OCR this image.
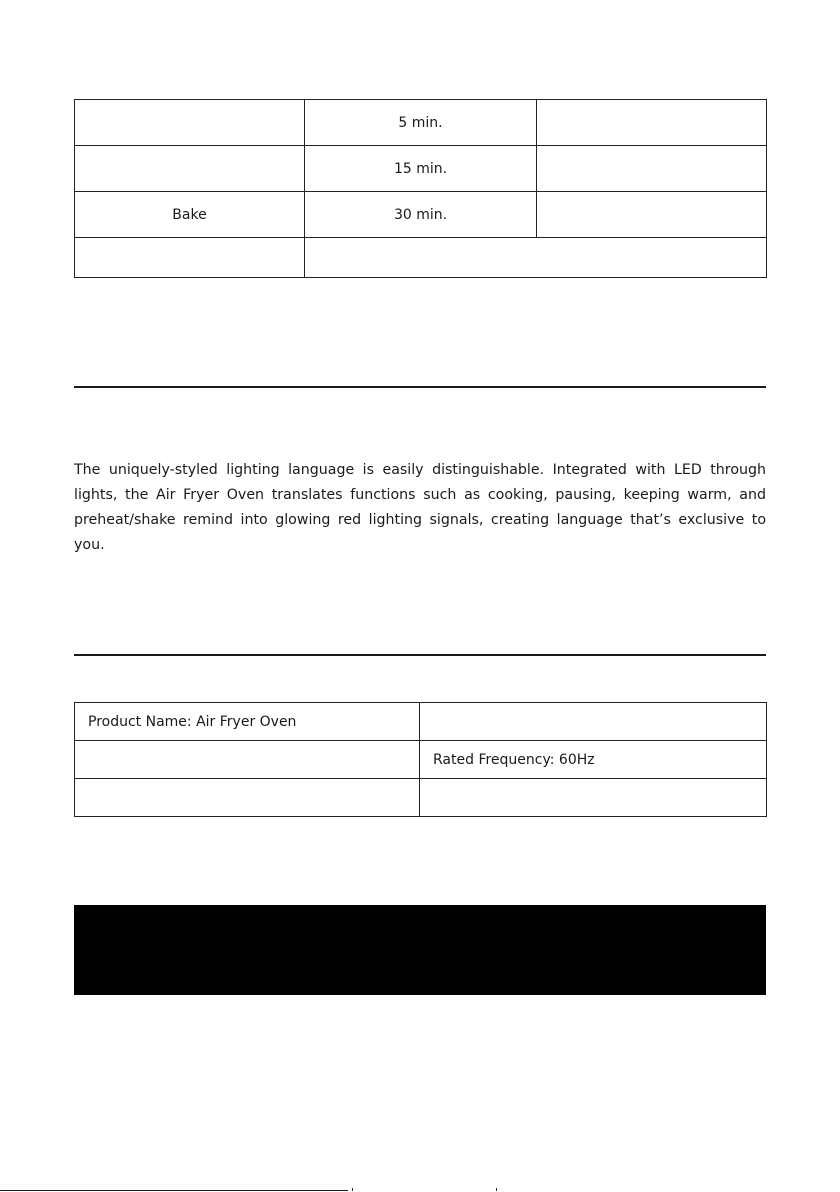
	5 min.	
	15 min.	
Bake	30 min.	

The uniquely-styled lighting language is easily distinguishable. Integrated with LED through lights, the Air Fryer Oven translates functions such as cooking, pausing, keeping warm, and preheat/shake remind into glowing red lighting signals, creating language that’s exclusive to you.

Product Name: Air Fryer Oven	
	Rated Frequency: 60Hz
